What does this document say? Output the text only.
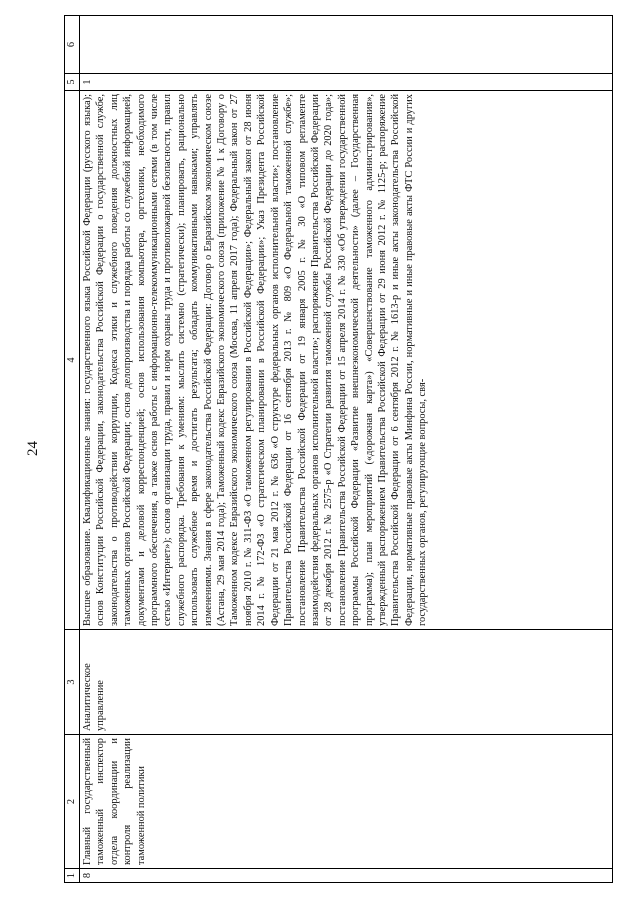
24
1	2	3	4	5	6
8	Главный государственный таможенный инспектор отдела координации и контроля реализации таможенной политики	Аналитическое управление	Высшее образование. Квалификационные знания: государственного языка Российской Федерации (русского языка); основ Конституции Российской Федерации, законодательства Российской Федерации о государственной службе, законодательства о противодействии коррупции, Кодекса этики и служебного поведения должностных лиц таможенных органов Российской Федерации; основ делопроизводства и порядка работы со служебной информацией, документами и деловой корреспонденцией; основ использования компьютера, оргтехники, необходимого программного обеспечения, а также основ работы с информационно-телекоммуникационными сетями (в том числе сетью «Интернет»); основ организации труда, правил и норм охраны труда и противопожарной безопасности, правил служебного распорядка. Требования к умениям: мыслить системно (стратегически); планировать, рационально использовать служебное время и достигать результата; обладать коммуникативными навыками; управлять изменениями. Знания в сфере законодательства Российской Федерации: Договор о Евразийском экономическом союзе (Астана, 29 мая 2014 года); Таможенный кодекс Евразийского экономического союза (приложение № 1 к Договору о Таможенном кодексе Евразийского экономического союза (Москва, 11 апреля 2017 года); Федеральный закон от 27 ноября 2010 г. № 311-ФЗ «О таможенном регулировании в Российской Федерации»; Федеральный закон от 28 июня 2014 г. № 172-ФЗ «О стратегическом планировании в Российской Федерации»; Указ Президента Российской Федерации от 21 мая 2012 г. № 636 «О структуре федеральных органов исполнительной власти»; постановление Правительства Российской Федерации от 16 сентября 2013 г. № 809 «О Федеральной таможенной службе»; постановление Правительства Российской Федерации от 19 января 2005 г. № 30 «О типовом регламенте взаимодействия федеральных органов исполнительной власти»; распоряжение Правительства Российской Федерации от 28 декабря 2012 г. № 2575-р «О Стратегии развития таможенной службы Российской Федерации до 2020 года»; постановление Правительства Российской Федерации от 15 апреля 2014 г. № 330 «Об утверждении государственной программы Российской Федерации «Развитие внешнеэкономической деятельности» (далее – Государственная программа); план мероприятий («дорожная карта») «Совершенствование таможенного администрирования», утвержденный распоряжением Правительства Российской Федерации от 29 июня 2012 г. № 1125-р; распоряжение Правительства Российской Федерации от 6 сентября 2012 г. № 1613-р и иные акты законодательства Российской Федерации, нормативные правовые акты Минфина России, нормативные и иные правовые акты ФТС России и других государственных органов, регулирующие вопросы, свя-	1	
